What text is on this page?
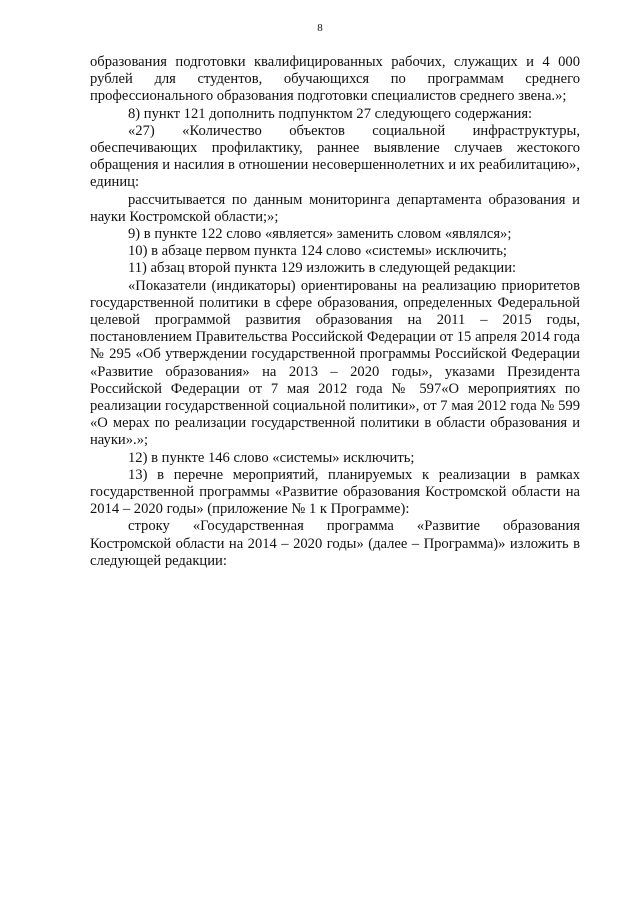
8

образования подготовки квалифицированных рабочих, служащих и 4 000 рублей для студентов, обучающихся по программам среднего профессионального образования подготовки специалистов среднего звена.»;

8) пункт 121 дополнить подпунктом 27 следующего содержания:

«27) «Количество объектов социальной инфраструктуры, обеспечивающих профилактику, раннее выявление случаев жестокого обращения и насилия в отношении несовершеннолетних и их реабилитацию», единиц:

рассчитывается по данным мониторинга департамента образования и науки Костромской области;»;

9) в пункте 122 слово «является» заменить словом «являлся»;

10) в абзаце первом пункта 124 слово «системы» исключить;

11) абзац второй пункта 129 изложить в следующей редакции:

«Показатели (индикаторы) ориентированы на реализацию приоритетов государственной политики в сфере образования, определенных Федеральной целевой программой развития образования на 2011 – 2015 годы, постановлением Правительства Российской Федерации от 15 апреля 2014 года № 295 «Об утверждении государственной программы Российской Федерации «Развитие образования» на 2013 – 2020 годы», указами Президента Российской Федерации от 7 мая 2012 года № 597«О мероприятиях по реализации государственной социальной политики», от 7 мая 2012 года № 599 «О мерах по реализации государственной политики в области образования и науки».»;

12) в пункте 146 слово «системы» исключить;

13) в перечне мероприятий, планируемых к реализации в рамках государственной программы «Развитие образования Костромской области на 2014 – 2020 годы» (приложение № 1 к Программе):

строку «Государственная программа «Развитие образования Костромской области на 2014 – 2020 годы» (далее – Программа)» изложить в следующей редакции:
